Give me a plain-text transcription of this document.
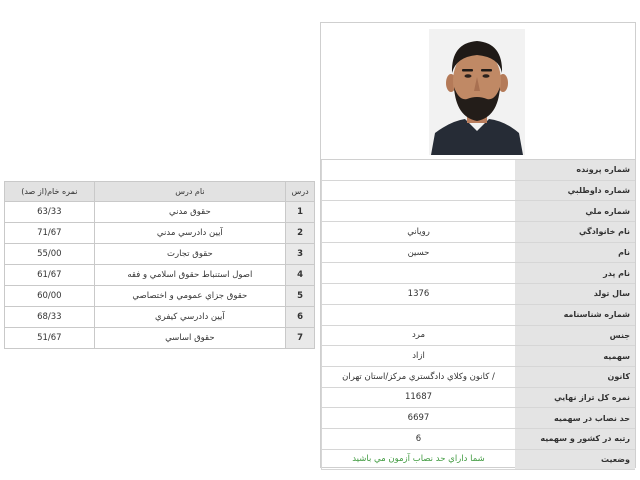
درس	نام درس	نمره خام(از صد)
1	حقوق مدني	63/33
2	آيين دادرسي مدني	71/67
3	حقوق تجارت	55/00
4	اصول استنباط حقوق اسلامي و فقه	61/67
5	حقوق جزاي عمومي و اختصاصي	60/00
6	آيين دادرسي كيفري	68/33
7	حقوق اساسي	51/67
شماره پرونده	
شماره داوطلبي	
شماره ملي	
نام خانوادگي	روياني
نام	حسين
نام پدر	
سال تولد	1376
شماره شناسنامه	
جنس	مرد
سهميه	ازاد
كانون	/ كانون وكلاي دادگستري مركز/استان تهران
نمره كل تراز نهايي	11687
حد نصاب در سهميه	6697
رتبه در كشور و سهميه	6
وضعيت	شما داراي حد نصاب آزمون مي باشيد
